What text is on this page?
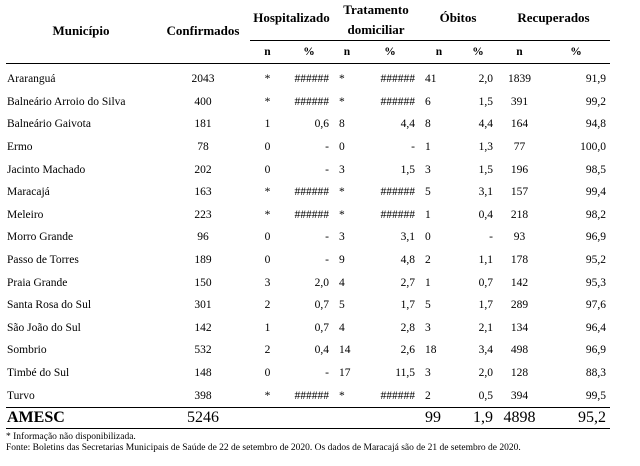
Município	Confirmados	Hospitalizado		Tratamento domiciliar		Óbitos		Recuperados	
		n	%	n	%	n	%	n	%
Araranguá	2043	*	######	*	######	41	2,0	1839	91,9
Balneário Arroio do Silva	400	*	######	*	######	6	1,5	391	99,2
Balneário Gaivota	181	1	0,6	8	4,4	8	4,4	164	94,8
Ermo	78	0	-	0	-	1	1,3	77	100,0
Jacinto Machado	202	0	-	3	1,5	3	1,5	196	98,5
Maracajá	163	*	######	*	######	5	3,1	157	99,4
Meleiro	223	*	######	*	######	1	0,4	218	98,2
Morro Grande	96	0	-	3	3,1	0	-	93	96,9
Passo de Torres	189	0	-	9	4,8	2	1,1	178	95,2
Praia Grande	150	3	2,0	4	2,7	1	0,7	142	95,3
Santa Rosa do Sul	301	2	0,7	5	1,7	5	1,7	289	97,6
São João do Sul	142	1	0,7	4	2,8	3	2,1	134	96,4
Sombrio	532	2	0,4	14	2,6	18	3,4	498	96,9
Timbé do Sul	148	0	-	17	11,5	3	2,0	128	88,3
Turvo	398	*	######	*	######	2	0,5	394	99,5
AMESC	5246					99	1,9	4898	95,2
* Informação não disponibilizada.
Fonte: Boletins das Secretarias Municipais de Saúde de 22 de setembro de 2020. Os dados de Maracajá são de 21 de setembro de 2020.
